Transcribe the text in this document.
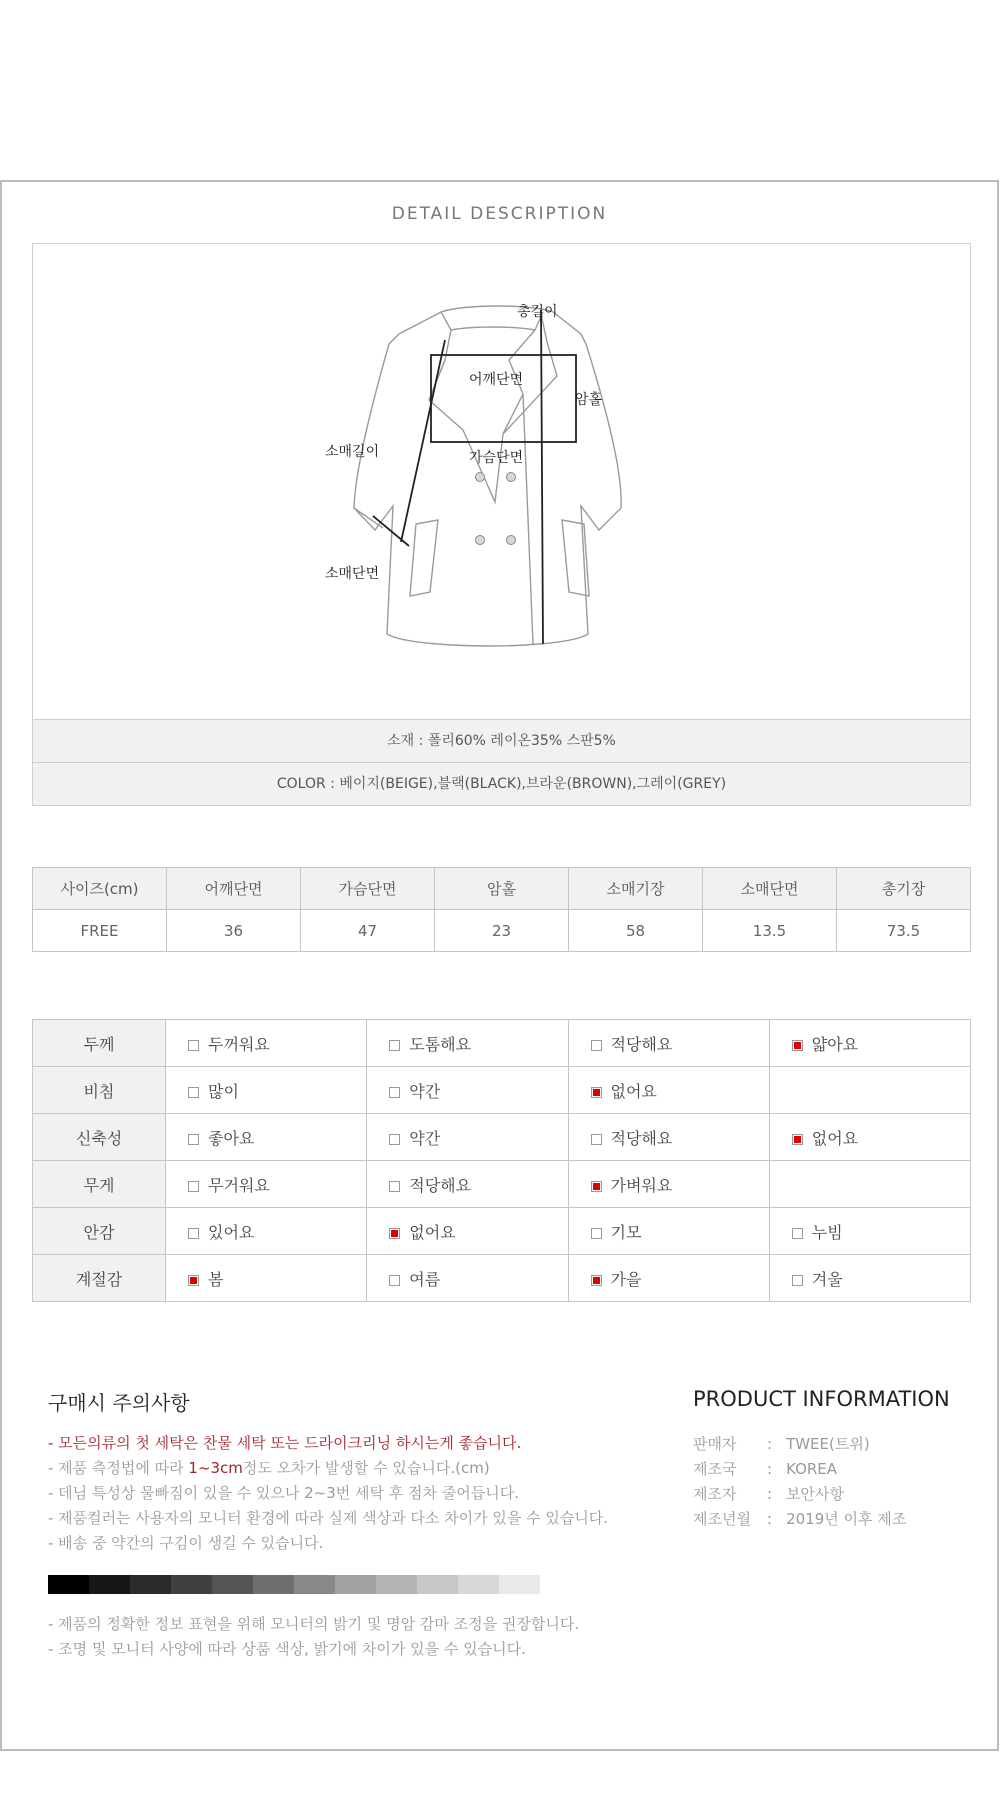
DETAIL DESCRIPTION
총길이
어깨단면
암홀
소매길이	가슴단면
소매단면
소재 : 폴리60% 레이온35% 스판5%
COLOR : 베이지(BEIGE),블랙(BLACK),브라운(BROWN),그레이(GREY)
사이즈(cm)	어깨단면	가슴단면	암홀	소매기장	소매단면	총기장
FREE	36	47	23	58	13.5	73.5
두께	두꺼워요	도톰해요	적당해요	얇아요
비침	많이	약간	없어요	
신축성	좋아요	약간	적당해요	없어요
무게	무거워요	적당해요	가벼워요	
안감	있어요	없어요	기모	누빔
계절감	봄	여름	가을	겨울
구매시 주의사항
- 모든의류의 첫 세탁은 찬물 세탁 또는 드라이크리닝 하시는게 좋습니다.
- 제품 측정법에 따라 1~3cm정도 오차가 발생할 수 있습니다.(cm)
- 데님 특성상 물빠짐이 있을 수 있으나 2~3번 세탁 후 점차 줄어듭니다.
- 제품컬러는 사용자의 모니터 환경에 따라 실제 색상과 다소 차이가 있을 수 있습니다.
- 배송 중 약간의 구김이 생길 수 있습니다.
- 제품의 정확한 정보 표현을 위해 모니터의 밝기 및 명암 감마 조정을 권장합니다.
- 조명 및 모니터 사양에 따라 상품 색상, 밝기에 차이가 있을 수 있습니다.
PRODUCT INFORMATION
판매자 : TWEE(트위)
제조국 : KOREA
제조자 : 보안사항
제조년월 : 2019년 이후 제조
